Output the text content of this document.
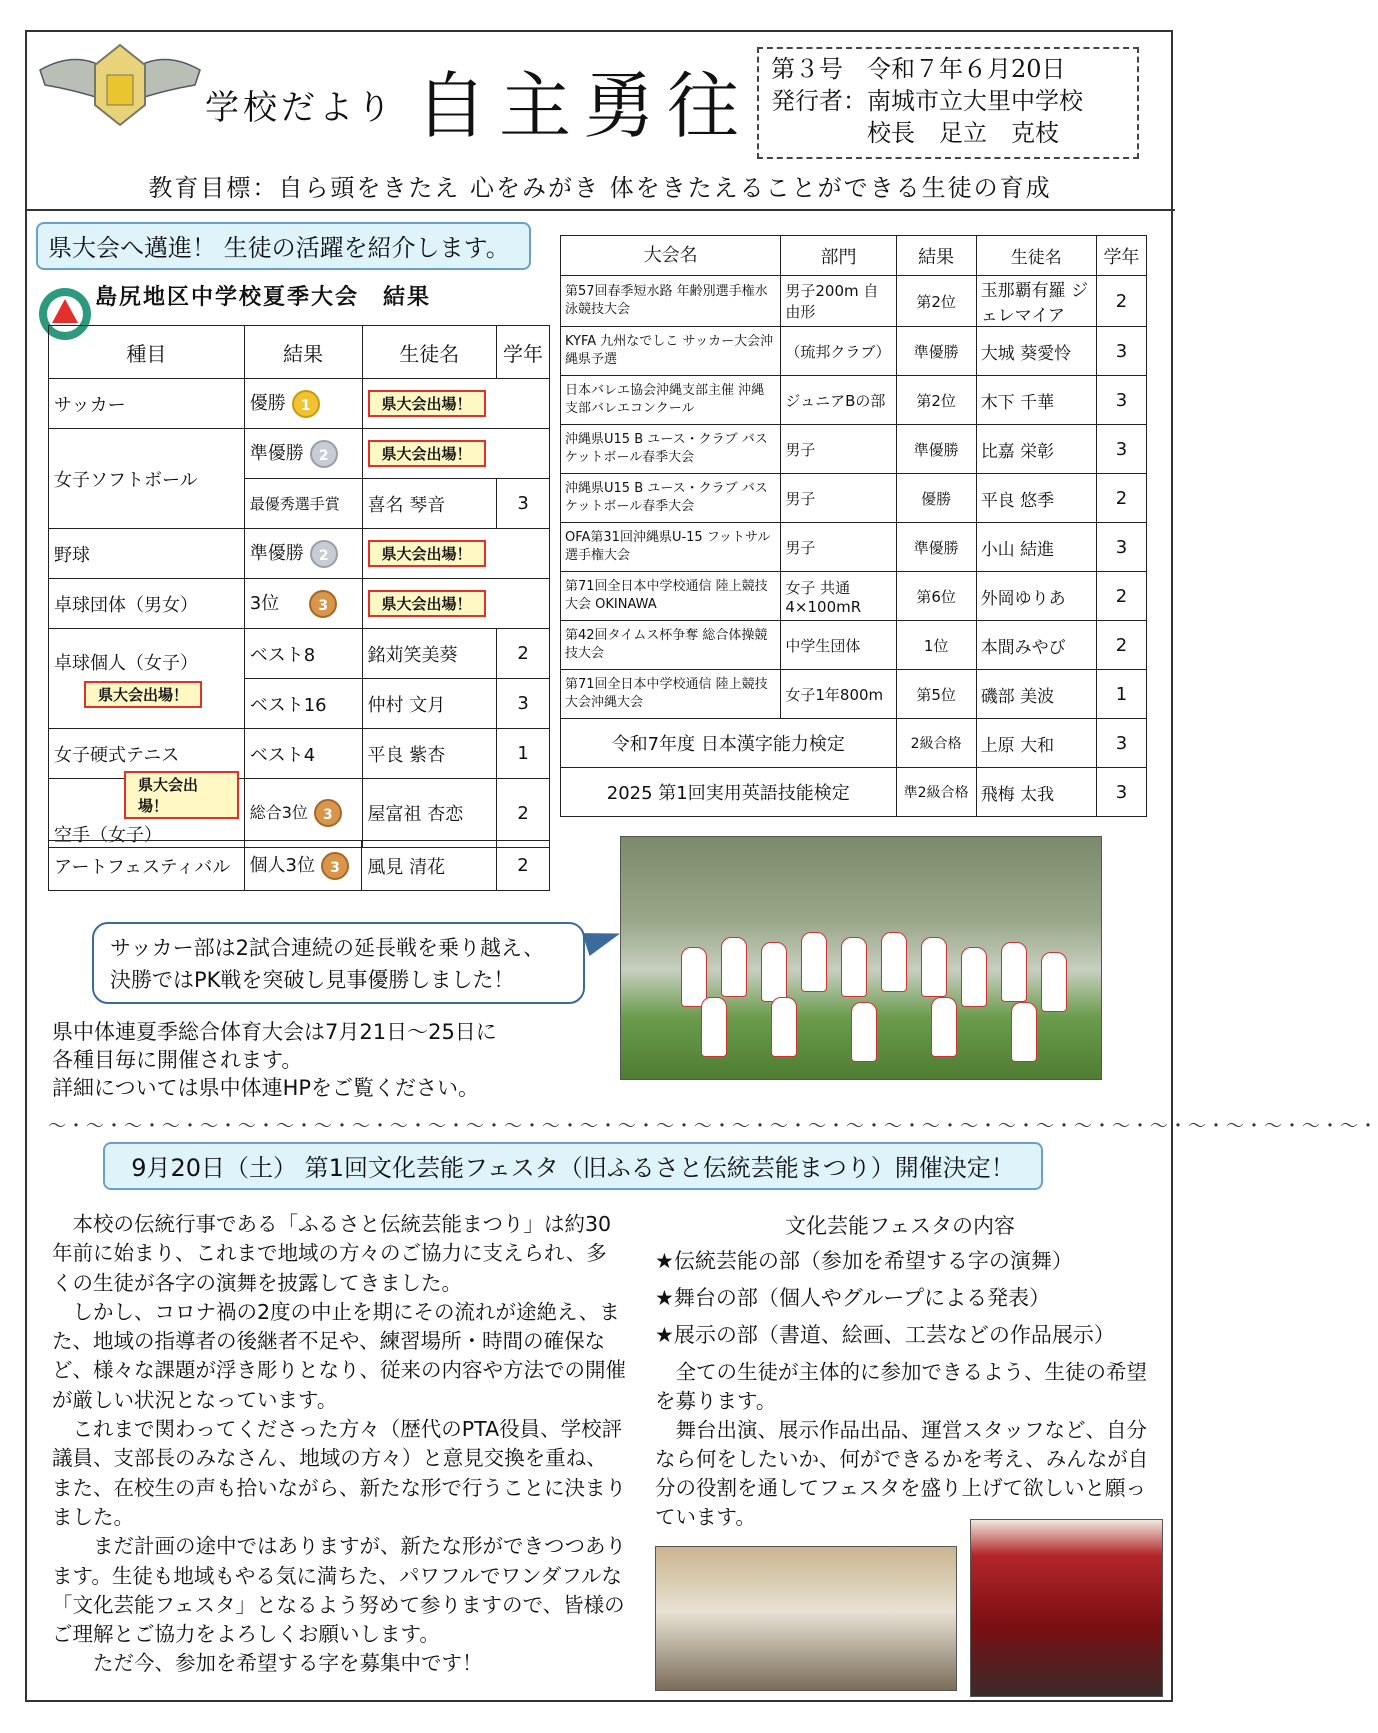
学校だより 自主勇往 第３号　令和７年６月20日
発行者：南城市立大里中学校
校長　足立　克枝
教育目標：自ら頭をきたえ 心をみがき 体をきたえることができる生徒の育成
県大会へ邁進！ 生徒の活躍を紹介します。
島尻地区中学校夏季大会　結果
種目	結果	生徒名	学年
サッカー	優勝 1	県大会出場！	
女子ソフトボール	準優勝 2	県大会出場！	
	最優秀選手賞	喜名 琴音	3
野球	準優勝 2	県大会出場！	
卓球団体（男女）	3位 3	県大会出場！	

卓球個人（女子）
県大会出場！	ベスト8	銘苅笑美葵	2
	ベスト16	仲村 文月	3
女子硬式テニス	ベスト4	平良 紫杏	1

県大会出場！
空手（女子）	総合3位 3	屋富祖 杏恋	2
アートフェスティバル	個人3位 3	風見 清花	2
大会名	部門	結果	生徒名	学年
第57回春季短水路 年齢別選手権水泳競技大会	男子200m 自由形	第2位	玉那覇有羅 ジェレマイア	2
KYFA 九州なでしこ サッカー大会沖縄県予選	（琉邦クラブ）	準優勝	大城 葵愛怜	3
日本バレエ協会沖縄支部主催 沖縄支部バレエコンクール	ジュニアBの部	第2位	木下 千華	3
沖縄県U15 B ユース・クラブ バスケットボール春季大会	男子	準優勝	比嘉 栄彰	3
沖縄県U15 B ユース・クラブ バスケットボール春季大会	男子	優勝	平良 悠季	2
OFA第31回沖縄県U-15 フットサル選手権大会	男子	準優勝	小山 結進	3
第71回全日本中学校通信 陸上競技大会 OKINAWA	女子 共通 4×100mR	第6位	外岡ゆりあ	2
第42回タイムス杯争奪 総合体操競技大会	中学生団体	1位	本間みやび	2
第71回全日本中学校通信 陸上競技大会沖縄大会	女子1年800m	第5位	磯部 美波	1
令和7年度 日本漢字能力検定		2級合格	上原 大和	3
2025 第1回実用英語技能検定		準2級合格	飛梅 太我	3
サッカー部は2試合連続の延長戦を乗り越え、
決勝ではPK戦を突破し見事優勝しました！
県中体連夏季総合体育大会は7月21日～25日に
各種目毎に開催されます。
詳細については県中体連HPをご覧ください。
～・～・～・～・～・～・～・～・～・～・～・～・～・～・～・～・～・～・～・～・～・～・～・～・～・～・～・～・～・～・～・～・～・～・～・
9月20日（土） 第1回文化芸能フェスタ（旧ふるさと伝統芸能まつり）開催決定！

本校の伝統行事である「ふるさと伝統芸能まつり」は約30年前に始まり、これまで地域の方々のご協力に支えられ、多くの生徒が各字の演舞を披露してきました。

しかし、コロナ禍の2度の中止を期にその流れが途絶え、また、地域の指導者の後継者不足や、練習場所・時間の確保など、様々な課題が浮き彫りとなり、従来の内容や方法での開催が厳しい状況となっています。

これまで関わってくださった方々（歴代のPTA役員、学校評議員、支部長のみなさん、地域の方々）と意見交換を重ね、また、在校生の声も拾いながら、新たな形で行うことに決まりました。

まだ計画の途中ではありますが、新たな形ができつつあります。生徒も地域もやる気に満ちた、パワフルでワンダフルな「文化芸能フェスタ」となるよう努めて参りますので、皆様のご理解とご協力をよろしくお願いします。

ただ今、参加を希望する字を募集中です！

文化芸能フェスタの内容
★伝統芸能の部（参加を希望する字の演舞）
★舞台の部（個人やグループによる発表）
★展示の部（書道、絵画、工芸などの作品展示）

全ての生徒が主体的に参加できるよう、生徒の希望を募ります。

舞台出演、展示作品出品、運営スタッフなど、自分なら何をしたいか、何ができるかを考え、みんなが自分の役割を通してフェスタを盛り上げて欲しいと願っています。
